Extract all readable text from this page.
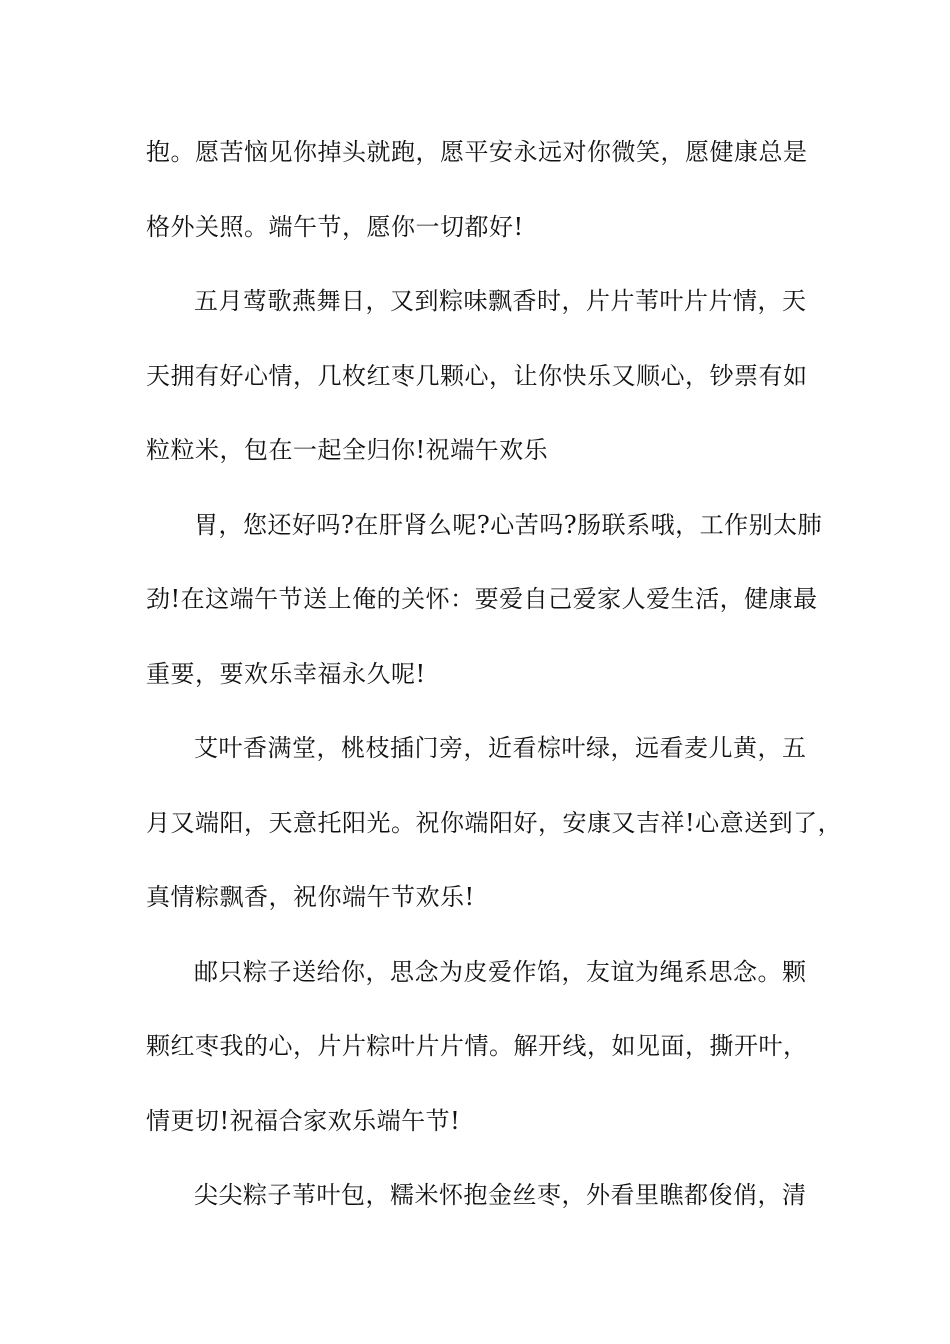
抱。愿苦恼见你掉头就跑，愿平安永远对你微笑，愿健康总是
格外关照。端午节，愿你一切都好!
五月莺歌燕舞日，又到粽味飘香时，片片苇叶片片情，天
天拥有好心情，几枚红枣几颗心，让你快乐又顺心，钞票有如
粒粒米，包在一起全归你!祝端午欢乐
胃，您还好吗?在肝肾么呢?心苦吗?肠联系哦，工作别太肺
劲!在这端午节送上俺的关怀：要爱自己爱家人爱生活，健康最
重要，要欢乐幸福永久呢!
艾叶香满堂，桃枝插门旁，近看棕叶绿，远看麦儿黄，五
月又端阳，天意托阳光。祝你端阳好，安康又吉祥!心意送到了，
真情粽飘香，祝你端午节欢乐!
邮只粽子送给你，思念为皮爱作馅，友谊为绳系思念。颗
颗红枣我的心，片片粽叶片片情。解开线，如见面，撕开叶，
情更切!祝福合家欢乐端午节!
尖尖粽子苇叶包，糯米怀抱金丝枣，外看里瞧都俊俏，清
